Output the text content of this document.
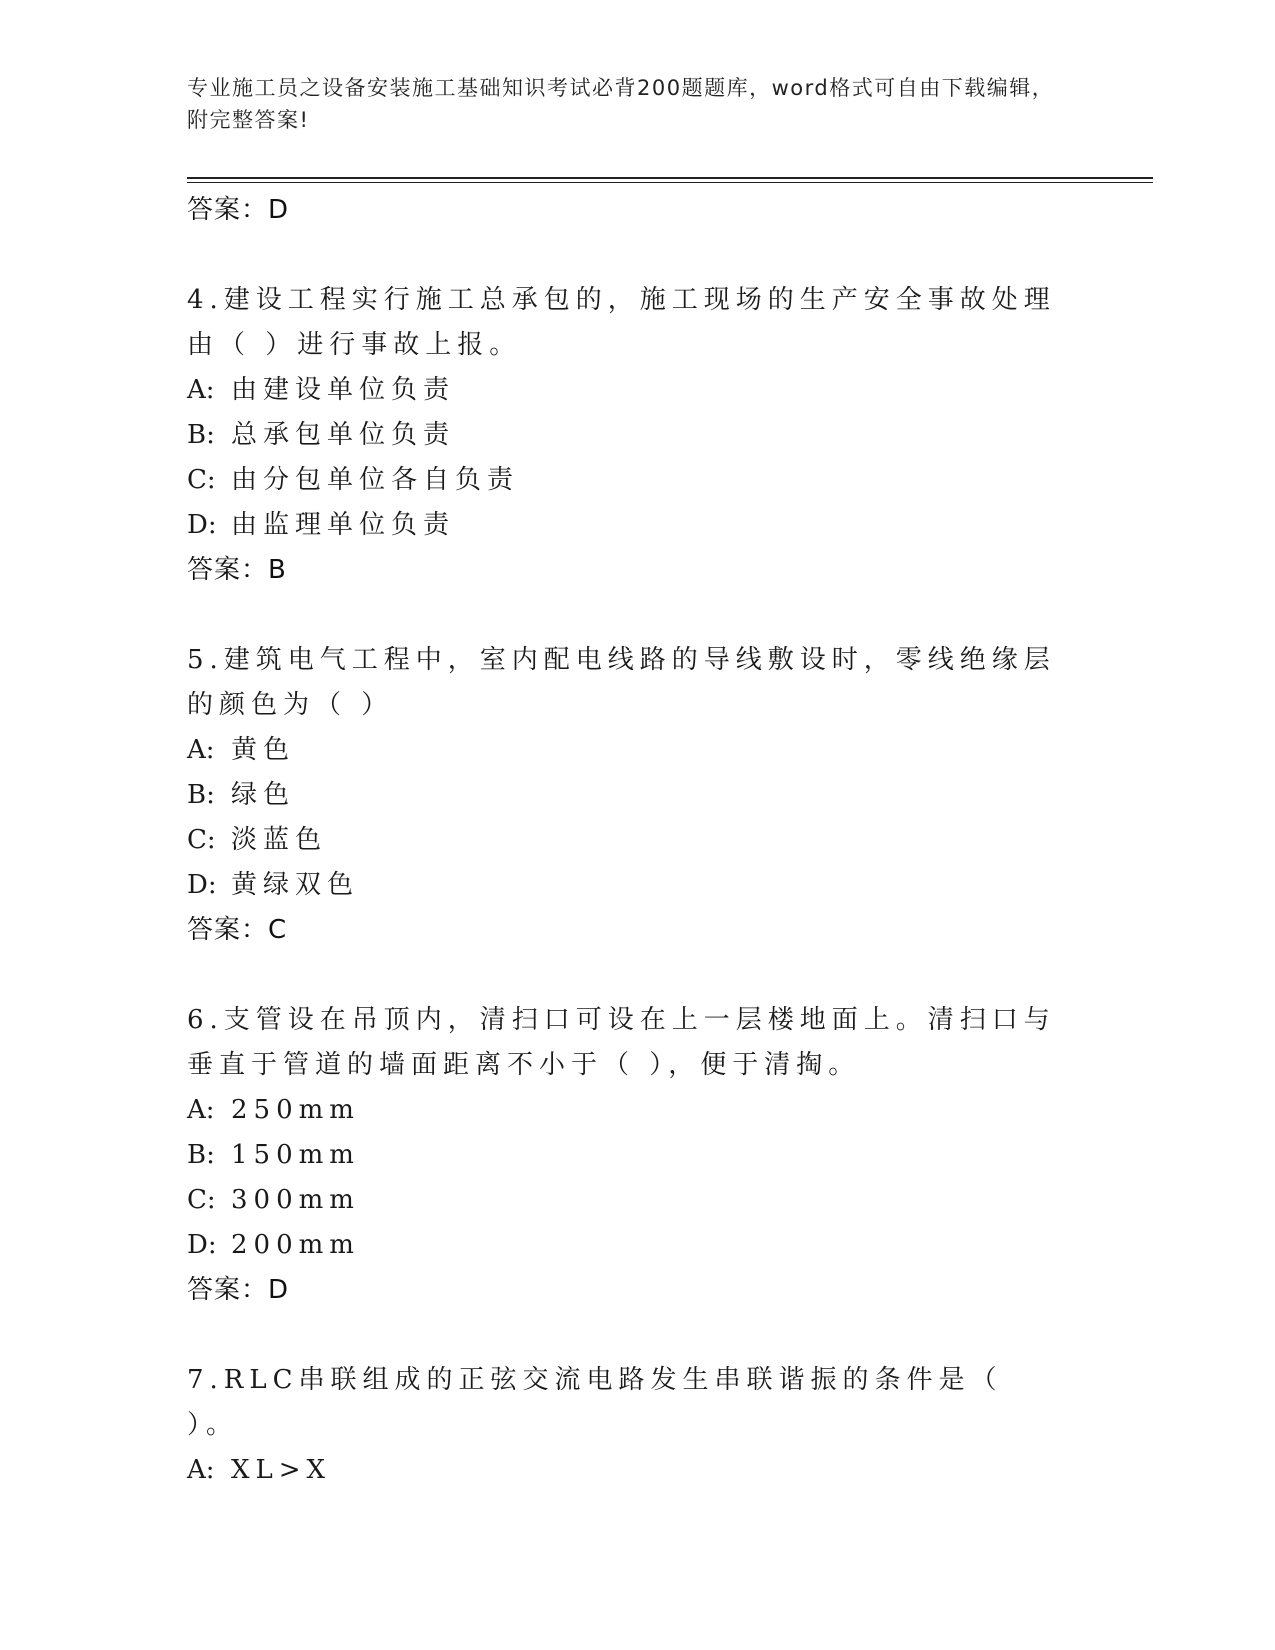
专业施工员之设备安装施工基础知识考试必背200题题库，word格式可自由下载编辑，附完整答案!
答案：D
4.建设工程实行施工总承包的，施工现场的生产安全事故处理由（ ）进行事故上报。
A: 由建设单位负责
B: 总承包单位负责
C: 由分包单位各自负责
D: 由监理单位负责
答案：B
5.建筑电气工程中，室内配电线路的导线敷设时，零线绝缘层的颜色为（ ）
A: 黄色
B: 绿色
C: 淡蓝色
D: 黄绿双色
答案：C
6.支管设在吊顶内，清扫口可设在上一层楼地面上。清扫口与垂直于管道的墙面距离不小于（ ），便于清掏。
A: 250mm
B: 150mm
C: 300mm
D: 200mm
答案：D
7.RLC串联组成的正弦交流电路发生串联谐振的条件是（ ）。
A: XL>X
